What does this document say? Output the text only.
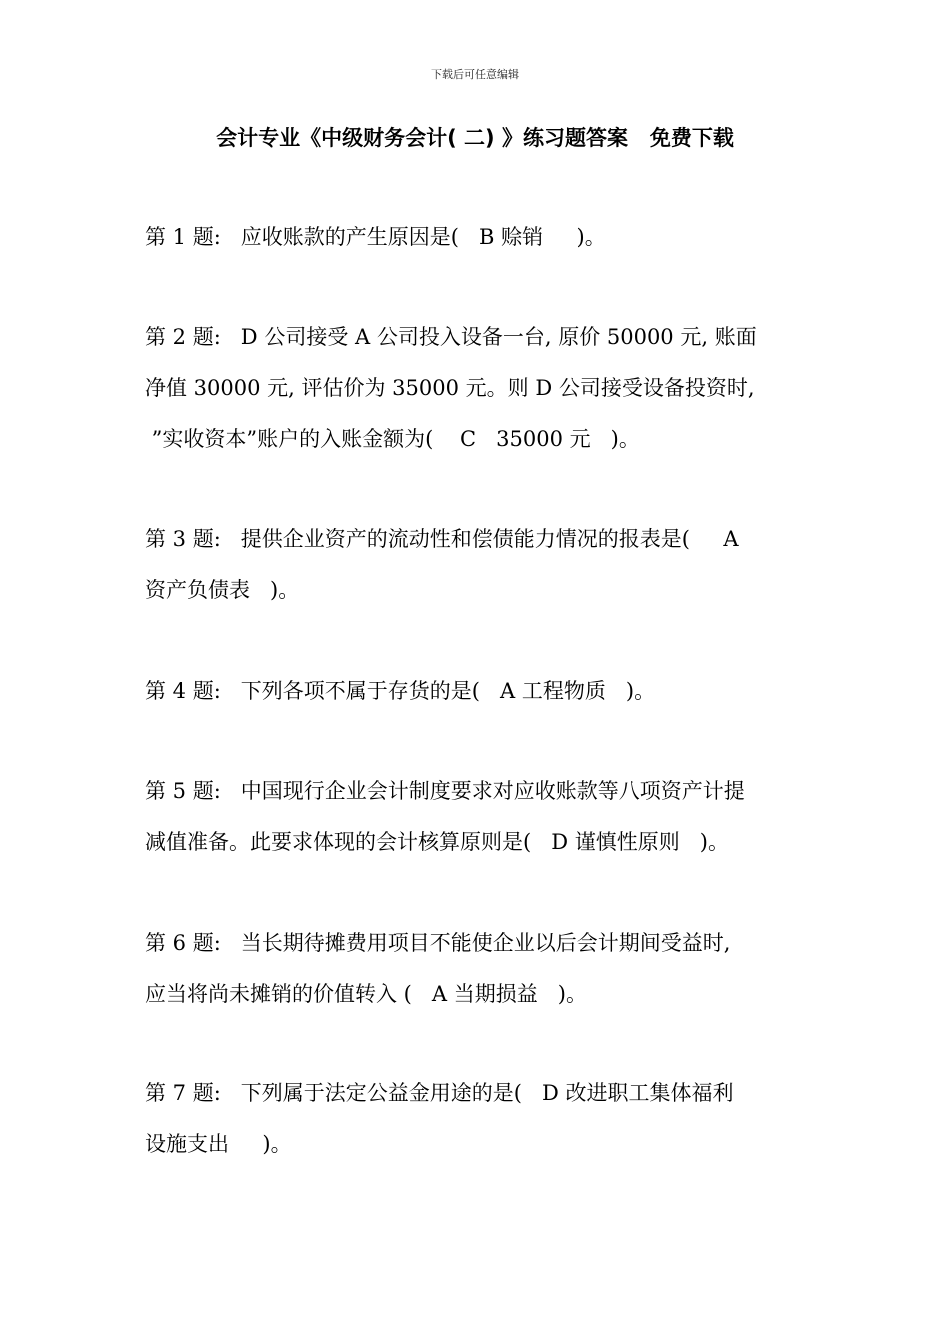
下载后可任意编辑
会计专业《中级财务会计( 二) 》练习题答案   免费下载
第 1 题:   应收账款的产生原因是(   B 赊销     )。
第 2 题:   D 公司接受 A 公司投入设备一台, 原价 50000 元, 账面
净值 30000 元, 评估价为 35000 元。则 D 公司接受设备投资时,
”实收资本”账户的入账金额为(    C   35000 元   )。
第 3 题:   提供企业资产的流动性和偿债能力情况的报表是(     A
资产负债表   )。
第 4 题:   下列各项不属于存货的是(   A 工程物质   )。
第 5 题:   中国现行企业会计制度要求对应收账款等八项资产计提
减值准备。此要求体现的会计核算原则是(   D 谨慎性原则   )。
第 6 题:   当长期待摊费用项目不能使企业以后会计期间受益时,
应当将尚未摊销的价值转入 (   A 当期损益   )。
第 7 题:   下列属于法定公益金用途的是(   D 改进职工集体福利
设施支出     )。
